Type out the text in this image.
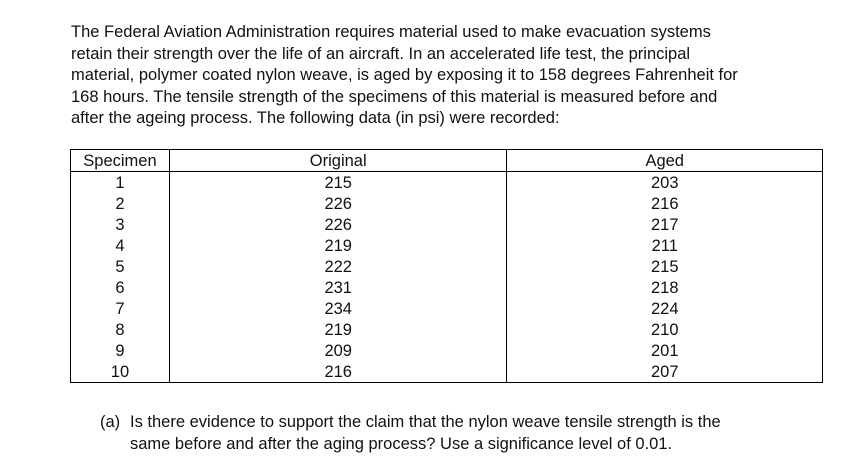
The Federal Aviation Administration requires material used to make evacuation systems
retain their strength over the life of an aircraft. In an accelerated life test, the principal
material, polymer coated nylon weave, is aged by exposing it to 158 degrees Fahrenheit for
168 hours. The tensile strength of the specimens of this material is measured before and
after the ageing process. The following data (in psi) were recorded:
Specimen	Original	Aged
1	215	203
2	226	216
3	226	217
4	219	211
5	222	215
6	231	218
7	234	224
8	219	210
9	209	201
10	216	207
(a) Is there evidence to support the claim that the nylon weave tensile strength is the
same before and after the aging process? Use a significance level of 0.01.
